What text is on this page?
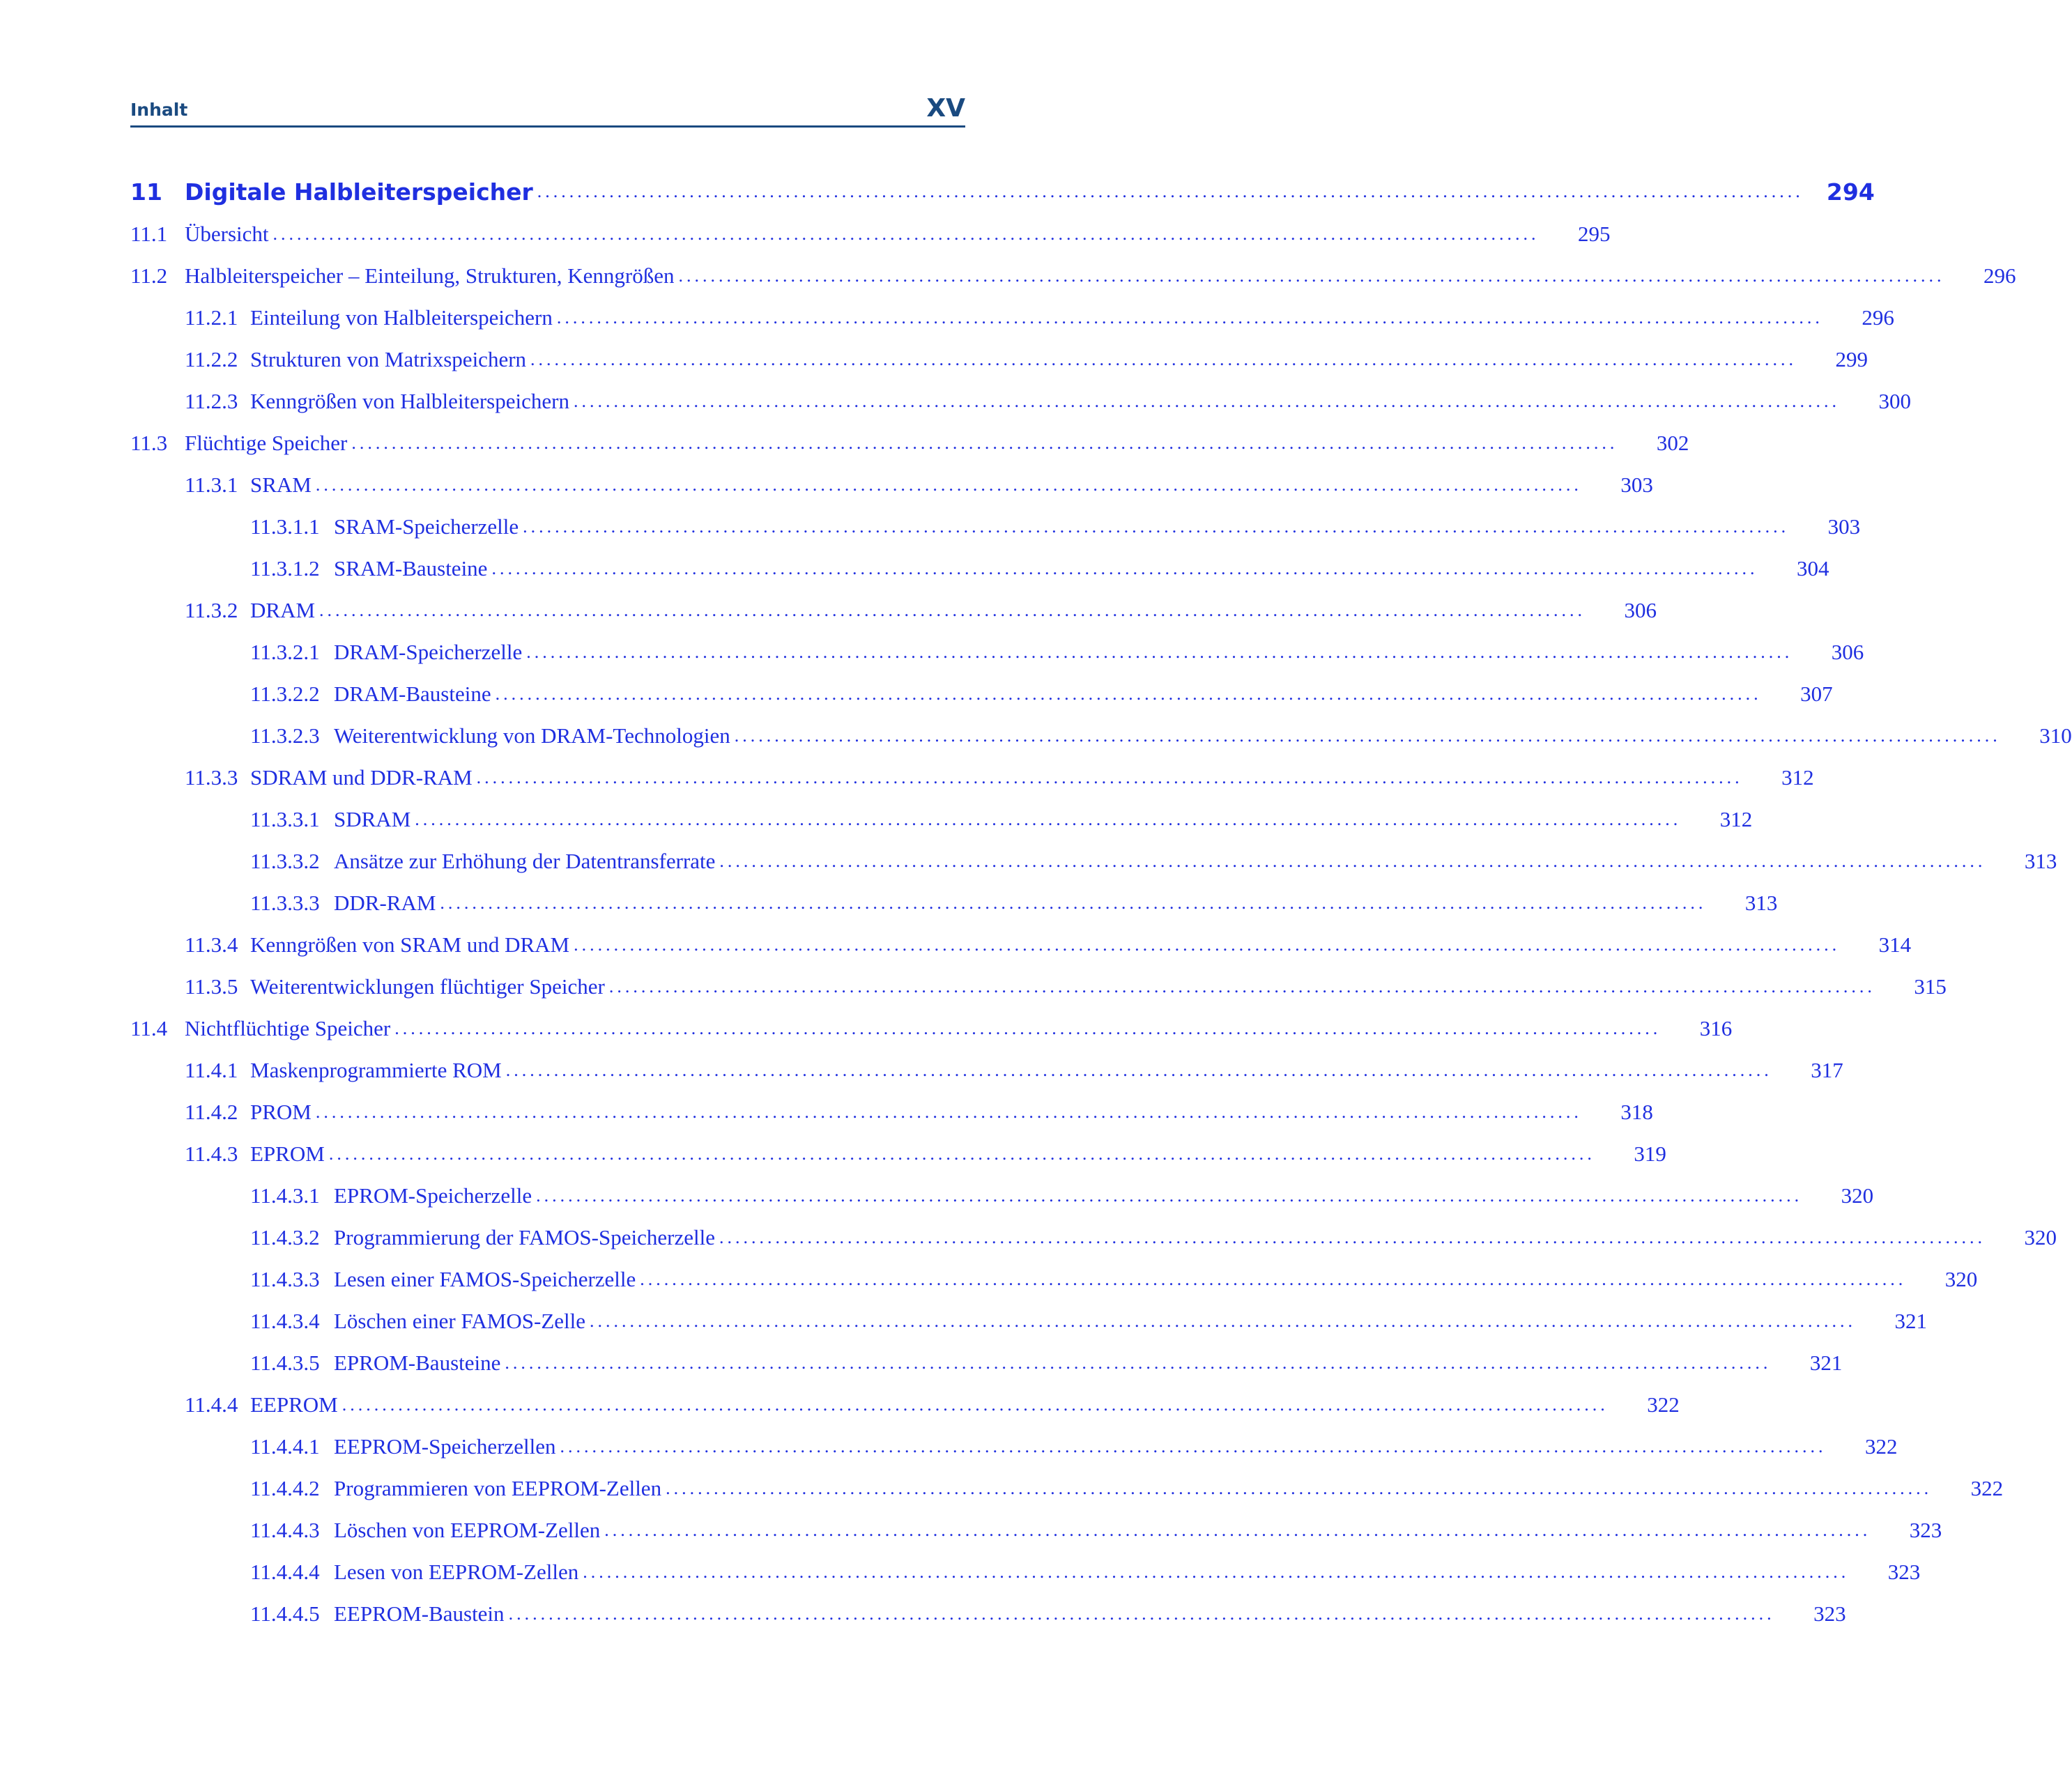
Inhalt	XV
11 Digitale Halbleiterspeicher ..............................................................................................................................................................	294
11.1 Übersicht ..............................................................................................................................................................	295
11.2 Halbleiterspeicher – Einteilung, Strukturen, Kenngrößen ..............................................................................................................................................................	296
11.2.1 Einteilung von Halbleiterspeichern ..............................................................................................................................................................	296
11.2.2 Strukturen von Matrixspeichern ..............................................................................................................................................................	299
11.2.3 Kenngrößen von Halbleiterspeichern ..............................................................................................................................................................	300
11.3 Flüchtige Speicher ..............................................................................................................................................................	302
11.3.1 SRAM ..............................................................................................................................................................	303
11.3.1.1 SRAM-Speicherzelle ..............................................................................................................................................................	303
11.3.1.2 SRAM-Bausteine ..............................................................................................................................................................	304
11.3.2 DRAM ..............................................................................................................................................................	306
11.3.2.1 DRAM-Speicherzelle ..............................................................................................................................................................	306
11.3.2.2 DRAM-Bausteine ..............................................................................................................................................................	307
11.3.2.3 Weiterentwicklung von DRAM-Technologien ..............................................................................................................................................................	310
11.3.3 SDRAM und DDR-RAM ..............................................................................................................................................................	312
11.3.3.1 SDRAM ..............................................................................................................................................................	312
11.3.3.2 Ansätze zur Erhöhung der Datentransferrate ..............................................................................................................................................................	313
11.3.3.3 DDR-RAM ..............................................................................................................................................................	313
11.3.4 Kenngrößen von SRAM und DRAM ..............................................................................................................................................................	314
11.3.5 Weiterentwicklungen flüchtiger Speicher ..............................................................................................................................................................	315
11.4 Nichtflüchtige Speicher ..............................................................................................................................................................	316
11.4.1 Maskenprogrammierte ROM ..............................................................................................................................................................	317
11.4.2 PROM ..............................................................................................................................................................	318
11.4.3 EPROM ..............................................................................................................................................................	319
11.4.3.1 EPROM-Speicherzelle ..............................................................................................................................................................	320
11.4.3.2 Programmierung der FAMOS-Speicherzelle ..............................................................................................................................................................	320
11.4.3.3 Lesen einer FAMOS-Speicherzelle ..............................................................................................................................................................	320
11.4.3.4 Löschen einer FAMOS-Zelle ..............................................................................................................................................................	321
11.4.3.5 EPROM-Bausteine ..............................................................................................................................................................	321
11.4.4 EEPROM ..............................................................................................................................................................	322
11.4.4.1 EEPROM-Speicherzellen ..............................................................................................................................................................	322
11.4.4.2 Programmieren von EEPROM-Zellen ..............................................................................................................................................................	322
11.4.4.3 Löschen von EEPROM-Zellen ..............................................................................................................................................................	323
11.4.4.4 Lesen von EEPROM-Zellen ..............................................................................................................................................................	323
11.4.4.5 EEPROM-Baustein ..............................................................................................................................................................	323
